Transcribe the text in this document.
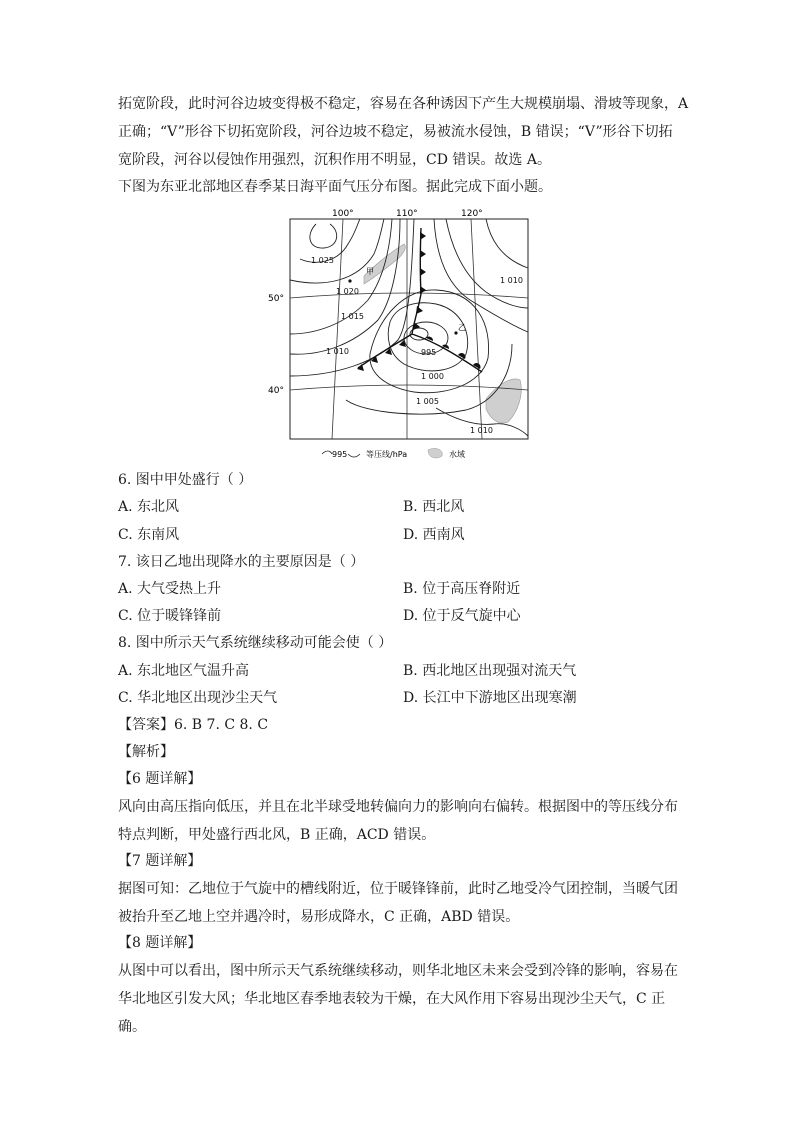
拓宽阶段，此时河谷边坡变得极不稳定，容易在各种诱因下产生大规模崩塌、滑坡等现象，A
正确；“V”形谷下切拓宽阶段，河谷边坡不稳定，易被流水侵蚀，B 错误；“V”形谷下切拓
宽阶段，河谷以侵蚀作用强烈，沉积作用不明显，CD 错误。故选 A。
下图为东亚北部地区春季某日海平面气压分布图。据此完成下面小题。
甲
乙
100°	110°	120°
50°
40°
1 025
1 020
1 015
1 010	995
1 000
1 005
1 010
1 010
995 等压线/hPa	水域
6. 图中甲处盛行（ ）
A. 东北风	B. 西北风
C. 东南风	D. 西南风
7. 该日乙地出现降水的主要原因是（ ）
A. 大气受热上升	B. 位于高压脊附近
C. 位于暖锋锋前	D. 位于反气旋中心
8. 图中所示天气系统继续移动可能会使（ ）
A. 东北地区气温升高	B. 西北地区出现强对流天气
C. 华北地区出现沙尘天气	D. 长江中下游地区出现寒潮
【答案】6. B 7. C 8. C
【解析】
【6 题详解】

风向由高压指向低压，并且在北半球受地转偏向力的影响向右偏转。根据图中的等压线分布特点判断，甲处盛行西北风，B 正确，ACD 错误。

【7 题详解】

据图可知：乙地位于气旋中的槽线附近，位于暖锋锋前，此时乙地受冷气团控制，当暖气团被抬升至乙地上空并遇冷时，易形成降水，C 正确，ABD 错误。

【8 题详解】

从图中可以看出，图中所示天气系统继续移动，则华北地区未来会受到冷锋的影响，容易在华北地区引发大风；华北地区春季地表较为干燥，在大风作用下容易出现沙尘天气，C 正确。
